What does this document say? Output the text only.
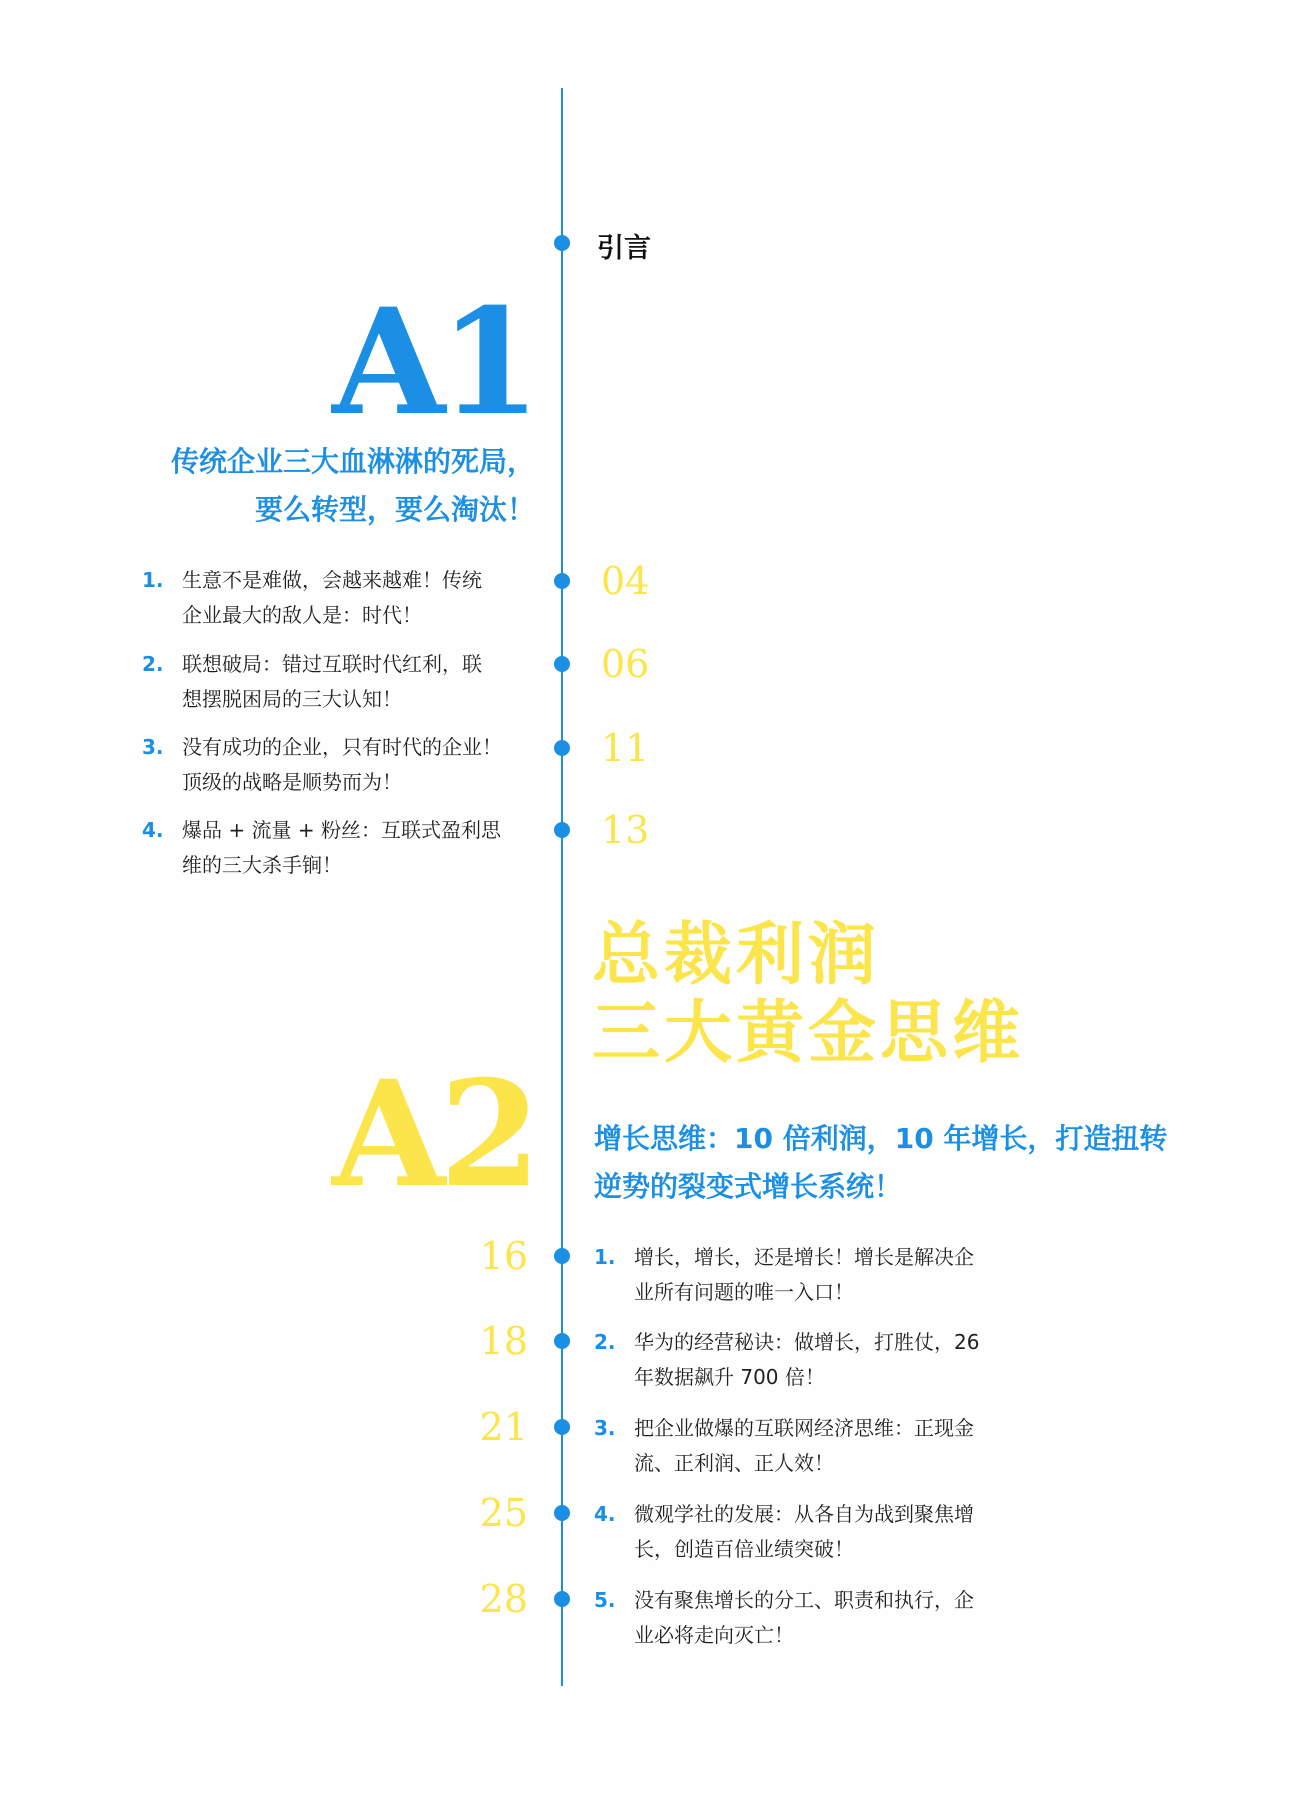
引言
A1
传统企业三大血淋淋的死局，
要么转型，要么淘汰！
1. 生意不是难做，会越来越难！传统
企业最大的敌人是：时代！
04
2. 联想破局：错过互联时代红利，联
想摆脱困局的三大认知！
06
3. 没有成功的企业，只有时代的企业！
顶级的战略是顺势而为！
11
4. 爆品 + 流量 + 粉丝：互联式盈利思
维的三大杀手锏！
13
总裁利润
三大黄金思维
A2 增长思维：10 倍利润，10 年增长，打造扭转
逆势的裂变式增长系统！
16	1. 增长，增长，还是增长！增长是解决企
业所有问题的唯一入口！
18	2. 华为的经营秘诀：做增长，打胜仗，26
年数据飙升 700 倍！
21	3. 把企业做爆的互联网经济思维：正现金
流、正利润、正人效！
25	4. 微观学社的发展：从各自为战到聚焦增
长，创造百倍业绩突破！
28	5. 没有聚焦增长的分工、职责和执行，企
业必将走向灭亡！
